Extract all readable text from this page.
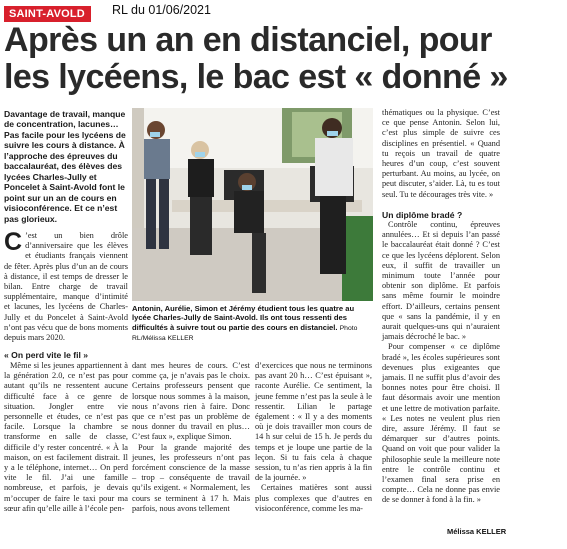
SAINT-AVOLD	RL du 01/06/2021
Après un an en distanciel, pour
les lycéens, le bac est « donné »
Davantage de travail, manque de concentration, lacunes… Pas facile pour les lycéens de suivre les cours à distance. À l’approche des épreuves du baccalauréat, des élèves des lycées Charles-Jully et Poncelet à Saint-Avold font le point sur un an de cours en visioconférence. Et ce n’est pas glorieux.
C ’est un bien drôle d’anniversaire que les élèves et étudiants français viennent de fêter. Après plus d’un an de cours à distance, il est temps de dresser le bilan. Entre charge de travail supplémentaire, manque d’intimité et lacunes, les lycéens de Charles-Jully et du Poncelet à Saint-Avold n’ont pas vécu que de bons moments depuis mars 2020.
« On perd vite le fil »

Même si les jeunes appartiennent à la génération 2.0, ce n’est pas pour autant qu’ils ne ressentent aucune difficulté face à ce genre de situation. Jongler entre vie personnelle et études, ce n’est pas facile. Lorsque la chambre se transforme en salle de classe, difficile d’y rester concentré. « À la maison, on est facilement distrait. Il y a le téléphone, internet… On perd vite le fil. J’ai une famille nombreuse, et parfois, je devais m’occuper de faire le taxi pour ma sœur afin qu’elle aille à l’école pen-

Antonin, Aurélie, Simon et Jérémy étudient tous les quatre au lycée Charles-Jully de Saint-Avold. Ils ont tous ressenti des difficultés à suivre tout ou partie des cours en distanciel. Photo RL/Mélissa KELLER

dant mes heures de cours. C’est comme ça, je n’avais pas le choix. Certains professeurs pensent que lorsque nous sommes à la maison, nous n’avons rien à faire. Donc que ce n’est pas un problème de nous donner du travail en plus… C’est faux », explique Simon.

Pour la grande majorité des jeunes, les professeurs n’ont pas forcément conscience de la masse – trop – conséquente de travail qu’ils exigent. « Normalement, les cours se terminent à 17 h. Mais parfois, nous avons tellement

d’exercices que nous ne terminons pas avant 20 h… C’est épuisant », raconte Aurélie. Ce sentiment, la jeune femme n’est pas la seule à le ressentir. Lilian le partage également : « Il y a des moments où je dois travailler mon cours de 14 h sur celui de 15 h. Je perds du temps et je loupe une partie de la leçon. Si tu fais cela à chaque session, tu n’as rien appris à la fin de la journée. »

Certaines matières sont aussi plus complexes que d’autres en visioconférence, comme les ma-

thématiques ou la physique. C’est ce que pense Antonin. Selon lui, c’est plus simple de suivre ces disciplines en présentiel. « Quand tu reçois un travail de quatre heures d’un coup, c’est souvent perturbant. Au moins, au lycée, on peut discuter, s’aider. Là, tu es tout seul. Tu te décourages très vite. »

Un diplôme bradé ?

Contrôle continu, épreuves annulées… Et si depuis l’an passé le baccalauréat était donné ? C’est ce que les lycéens déplorent. Selon eux, il suffit de travailler un minimum toute l’année pour obtenir son diplôme. Et parfois sans même fournir le moindre effort. D’ailleurs, certains pensent que « sans la pandémie, il y en aurait quelques-uns qui n’auraient jamais décroché le bac. »

Pour compenser « ce diplôme bradé », les écoles supérieures sont devenues plus exigeantes que jamais. Il ne suffit plus d’avoir des bonnes notes pour être choisi. Il faut désormais avoir une mention et une lettre de motivation parfaite. « Les notes ne veulent plus rien dire, assure Jérémy. Il faut se démarquer sur d’autres points. Quand on voit que pour valider la philosophie seule la meilleure note entre le contrôle continu et l’examen final sera prise en compte… Cela ne donne pas envie de se donner à fond à la fin. »

Mélissa KELLER
